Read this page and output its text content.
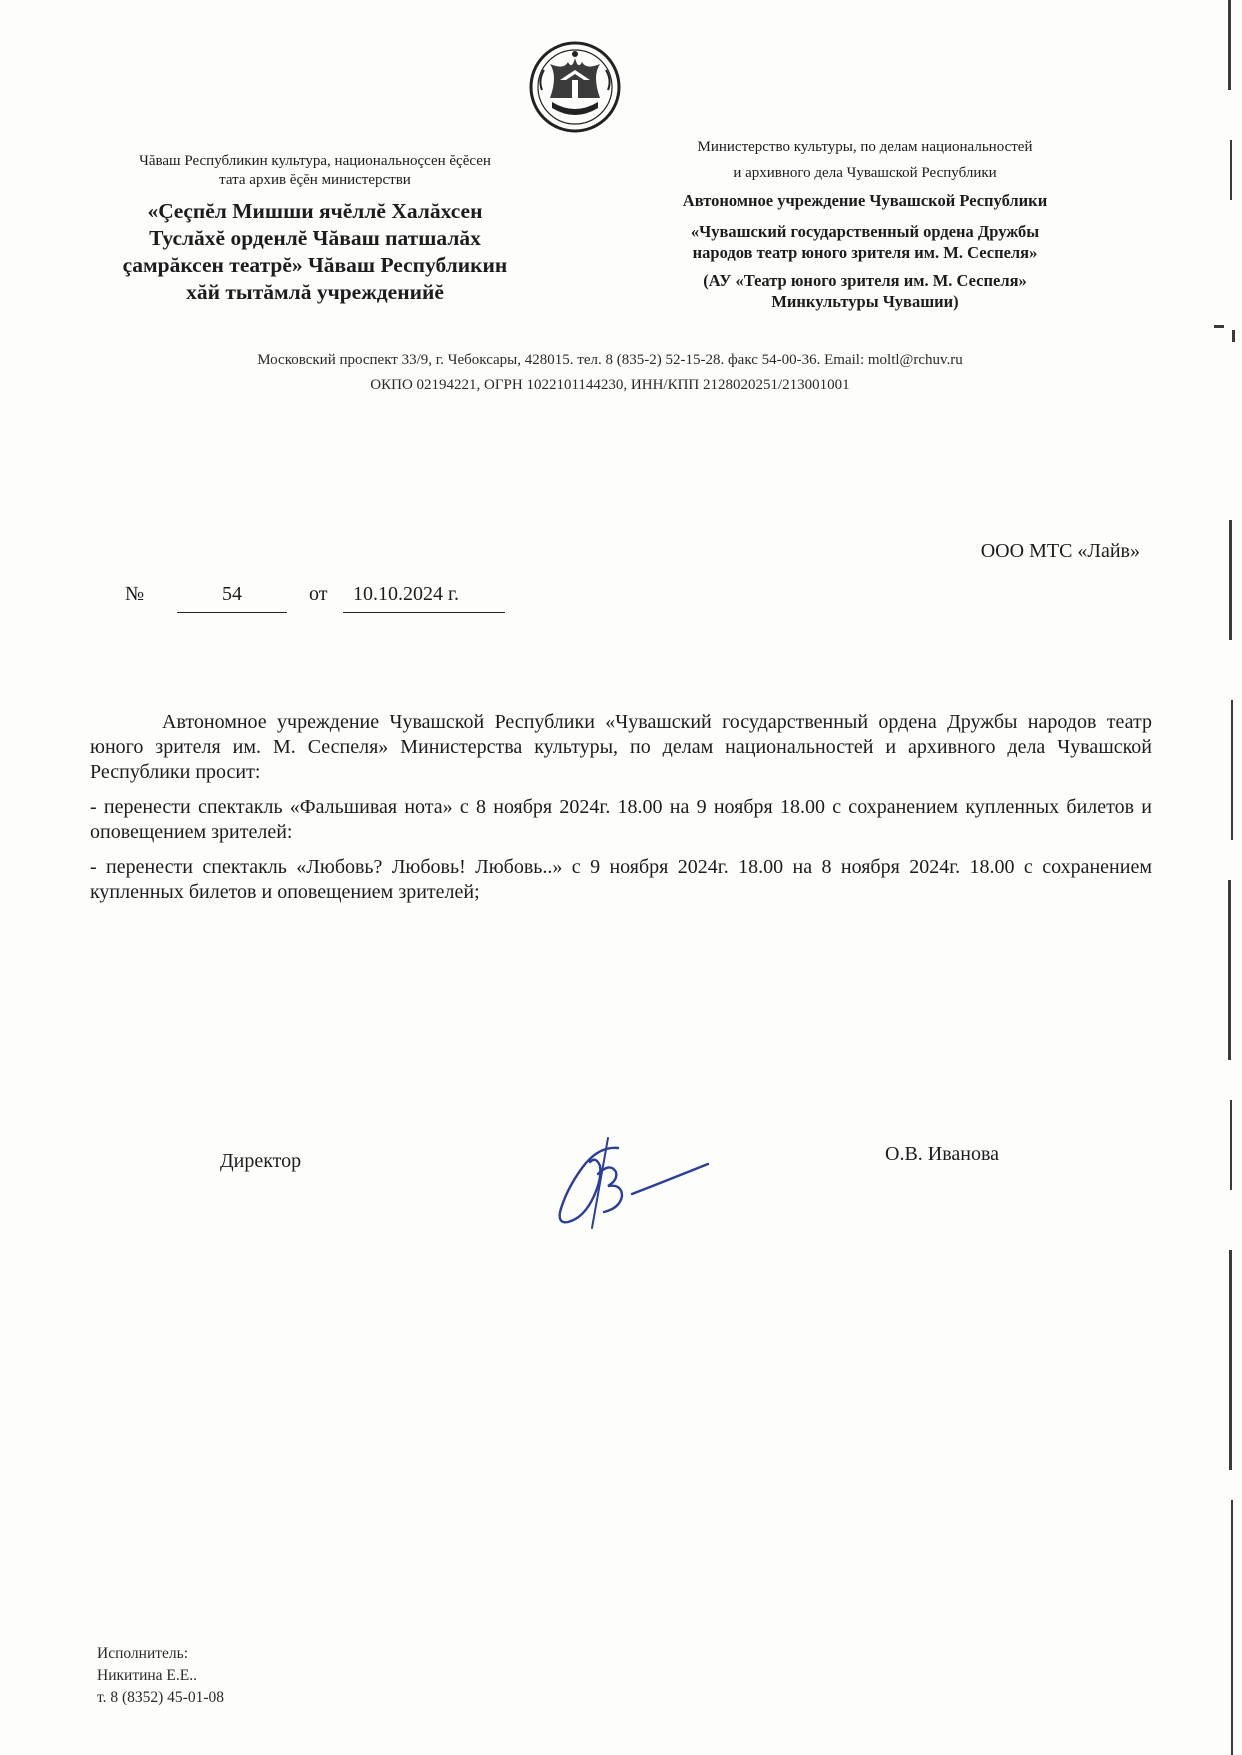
Чăваш Республикин культура, национальноçсен ĕçĕсен
тата архив ĕçĕн министерстви
«Çеçпĕл Мишши ячĕллĕ Халăхсен
Туслăхĕ орденлĕ Чăваш патшалăх
çамрăксен театрĕ» Чăваш Республикин
хăй тытăмлă учрежденийĕ
Министерство культуры, по делам национальностей
и архивного дела Чувашской Республики
Автономное учреждение Чувашской Республики
«Чувашский государственный ордена Дружбы
народов театр юного зрителя им. М. Сеспеля»
(АУ «Театр юного зрителя им. М. Сеспеля»
Минкультуры Чувашии)
Московский проспект 33/9, г. Чебоксары, 428015. тел. 8 (835-2) 52-15-28. факс 54-00-36. Email: moltl@rchuv.ru
ОКПО 02194221, ОГРН 1022101144230, ИНН/КПП 2128020251/213001001
ООО МТС «Лайв»
№	54	от	10.10.2024 г.

Автономное учреждение Чувашской Республики «Чувашский государственный ордена Дружбы народов театр юного зрителя им. М. Сеспеля» Министерства культуры, по делам национальностей и архивного дела Чувашской Республики просит:

- перенести спектакль «Фальшивая нота» с 8 ноября 2024г. 18.00 на 9 ноября 18.00 с сохранением купленных билетов и оповещением зрителей:

- перенести спектакль «Любовь? Любовь! Любовь..» с 9 ноября 2024г. 18.00 на 8 ноября 2024г. 18.00 с сохранением купленных билетов и оповещением зрителей;

Директор	О.В. Иванова
Исполнитель:
Никитина Е.Е..
т. 8 (8352) 45-01-08
